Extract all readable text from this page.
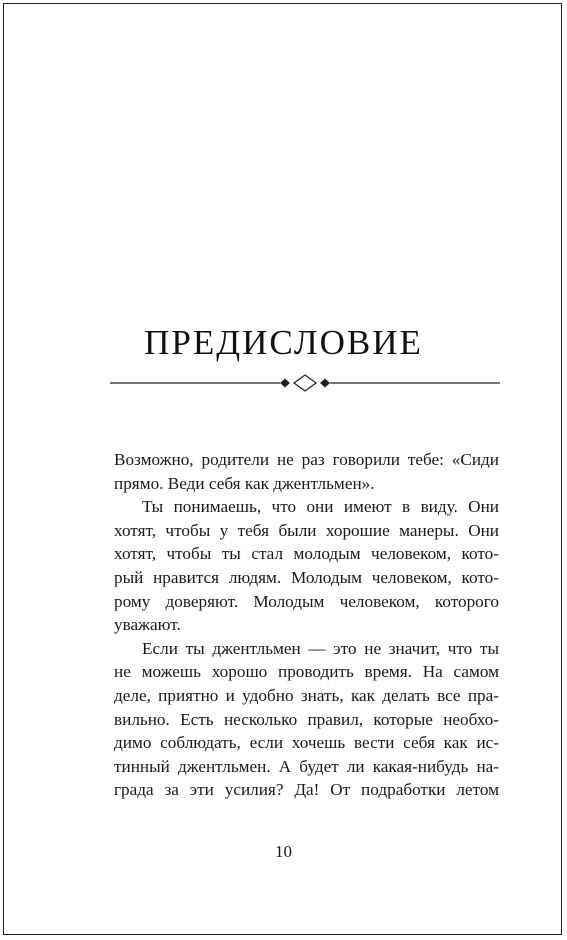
ПРЕДИСЛОВИЕ
Возможно, родители не раз говорили тебе: «Сиди
прямо. Веди себя как джентльмен».
Ты понимаешь, что они имеют в виду. Они
хотят, чтобы у тебя были хорошие манеры. Они
хотят, чтобы ты стал молодым человеком, кото-
рый нравится людям. Молодым человеком, кото-
рому доверяют. Молодым человеком, которого
уважают.
Если ты джентльмен — это не значит, что ты
не можешь хорошо проводить время. На самом
деле, приятно и удобно знать, как делать все пра-
вильно. Есть несколько правил, которые необхо-
димо соблюдать, если хочешь вести себя как ис-
тинный джентльмен. А будет ли какая-нибудь на-
града за эти усилия? Да! От подработки летом
10
